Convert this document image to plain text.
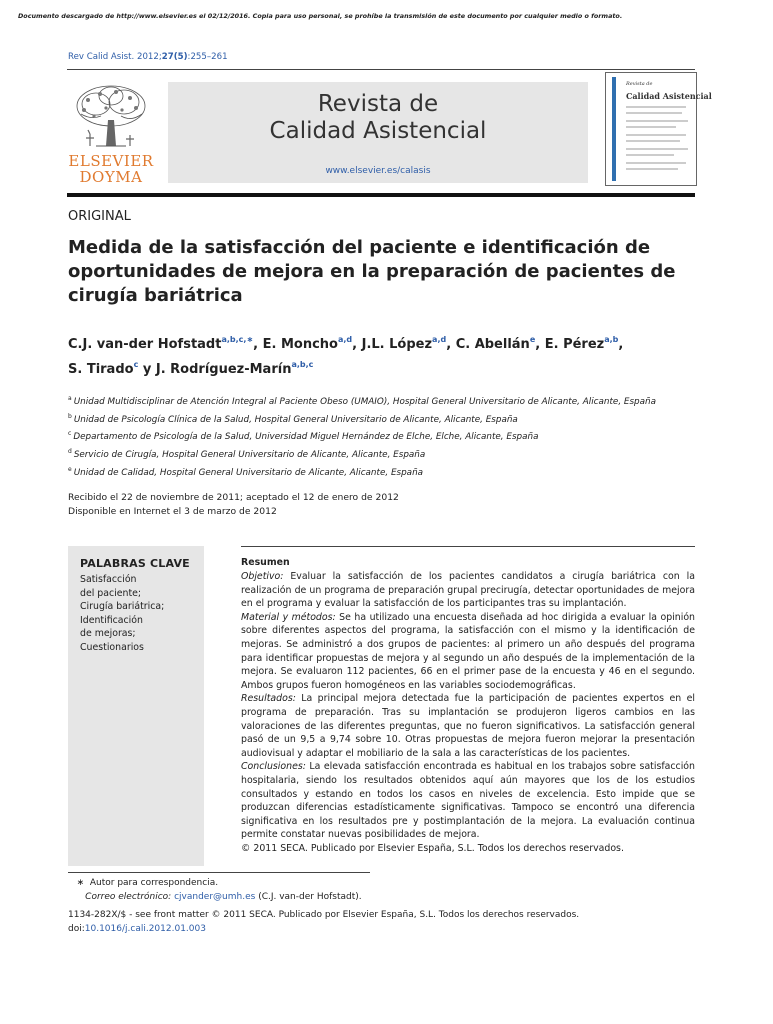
Documento descargado de http://www.elsevier.es el 02/12/2016. Copia para uso personal, se prohíbe la transmisión de este documento por cualquier medio o formato.
Rev Calid Asist. 2012;27(5):255–261
ELSEVIER
DOYMA
Revista de
Calidad Asistencial
www.elsevier.es/calasis
Revista de
Calidad Asistencial
ORIGINAL
Medida de la satisfacción del paciente e identificación de oportunidades de mejora en la preparación de pacientes de cirugía bariátrica
C.J. van-der Hofstadt$^{a,b,c,∗}$, E. Moncho$^{a,d}$, J.L. López$^{a,d}$, C. Abellán$^e$, E. Pérez$^{a,b}$,
S. Tirado$^c$ y J. Rodríguez-Marín$^{a,b,c}$
$^a$ Unidad Multidisciplinar de Atención Integral al Paciente Obeso (UMAIO), Hospital General Universitario de Alicante, Alicante, España
$^b$ Unidad de Psicología Clínica de la Salud, Hospital General Universitario de Alicante, Alicante, España
$^c$ Departamento de Psicología de la Salud, Universidad Miguel Hernández de Elche, Elche, Alicante, España
$^d$ Servicio de Cirugía, Hospital General Universitario de Alicante, Alicante, España
$^e$ Unidad de Calidad, Hospital General Universitario de Alicante, Alicante, España
Recibido el 22 de noviembre de 2011; aceptado el 12 de enero de 2012
Disponible en Internet el 3 de marzo de 2012
PALABRAS CLAVE
Satisfacción
del paciente;
Cirugía bariátrica;
Identificación
de mejoras;
Cuestionarios
Resumen

Objetivo: Evaluar la satisfacción de los pacientes candidatos a cirugía bariátrica con la realización de un programa de preparación grupal precirugía, detectar oportunidades de mejora en el programa y evaluar la satisfacción de los participantes tras su implantación.

Material y métodos: Se ha utilizado una encuesta diseñada ad hoc dirigida a evaluar la opinión sobre diferentes aspectos del programa, la satisfacción con el mismo y la identificación de mejoras. Se administró a dos grupos de pacientes: al primero un año después del programa para identificar propuestas de mejora y al segundo un año después de la implementación de la mejora. Se evaluaron 112 pacientes, 66 en el primer pase de la encuesta y 46 en el segundo. Ambos grupos fueron homogéneos en las variables sociodemográficas.

Resultados: La principal mejora detectada fue la participación de pacientes expertos en el programa de preparación. Tras su implantación se produjeron ligeros cambios en las valoraciones de las diferentes preguntas, que no fueron significativos. La satisfacción general pasó de un 9,5 a 9,74 sobre 10. Otras propuestas de mejora fueron mejorar la presentación audiovisual y adaptar el mobiliario de la sala a las características de los pacientes.

Conclusiones: La elevada satisfacción encontrada es habitual en los trabajos sobre satisfacción hospitalaria, siendo los resultados obtenidos aquí aún mayores que los de los estudios consultados y estando en todos los casos en niveles de excelencia. Esto impide que se produzcan diferencias estadísticamente significativas. Tampoco se encontró una diferencia significativa en los resultados pre y postimplantación de la mejora. La evaluación continua permite constatar nuevas posibilidades de mejora.

© 2011 SECA. Publicado por Elsevier España, S.L. Todos los derechos reservados.

∗ Autor para correspondencia.
Correo electrónico: cjvander@umh.es (C.J. van-der Hofstadt).
1134-282X/$ - see front matter © 2011 SECA. Publicado por Elsevier España, S.L. Todos los derechos reservados.
doi:10.1016/j.cali.2012.01.003
